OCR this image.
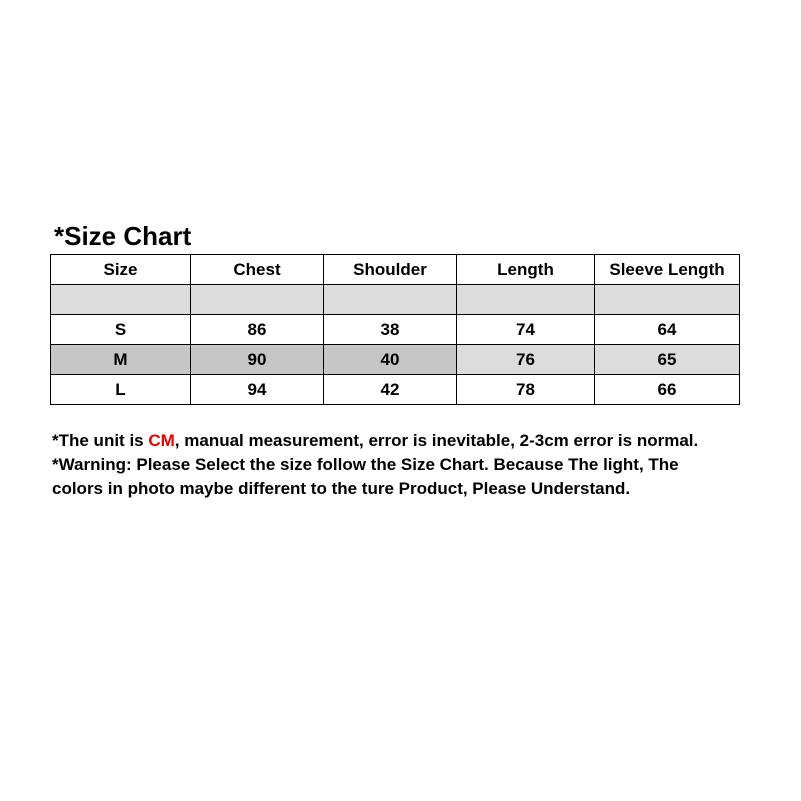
*Size Chart
Size	Chest	Shoulder	Length	Sleeve Length

S	86	38	74	64
M	90	40	76	65
L	94	42	78	66

*The unit is CM, manual measurement, error is inevitable, 2-3cm error is normal.

*Warning: Please Select the size follow the Size Chart. Because The light, The

colors in photo maybe different to the ture Product, Please Understand.
